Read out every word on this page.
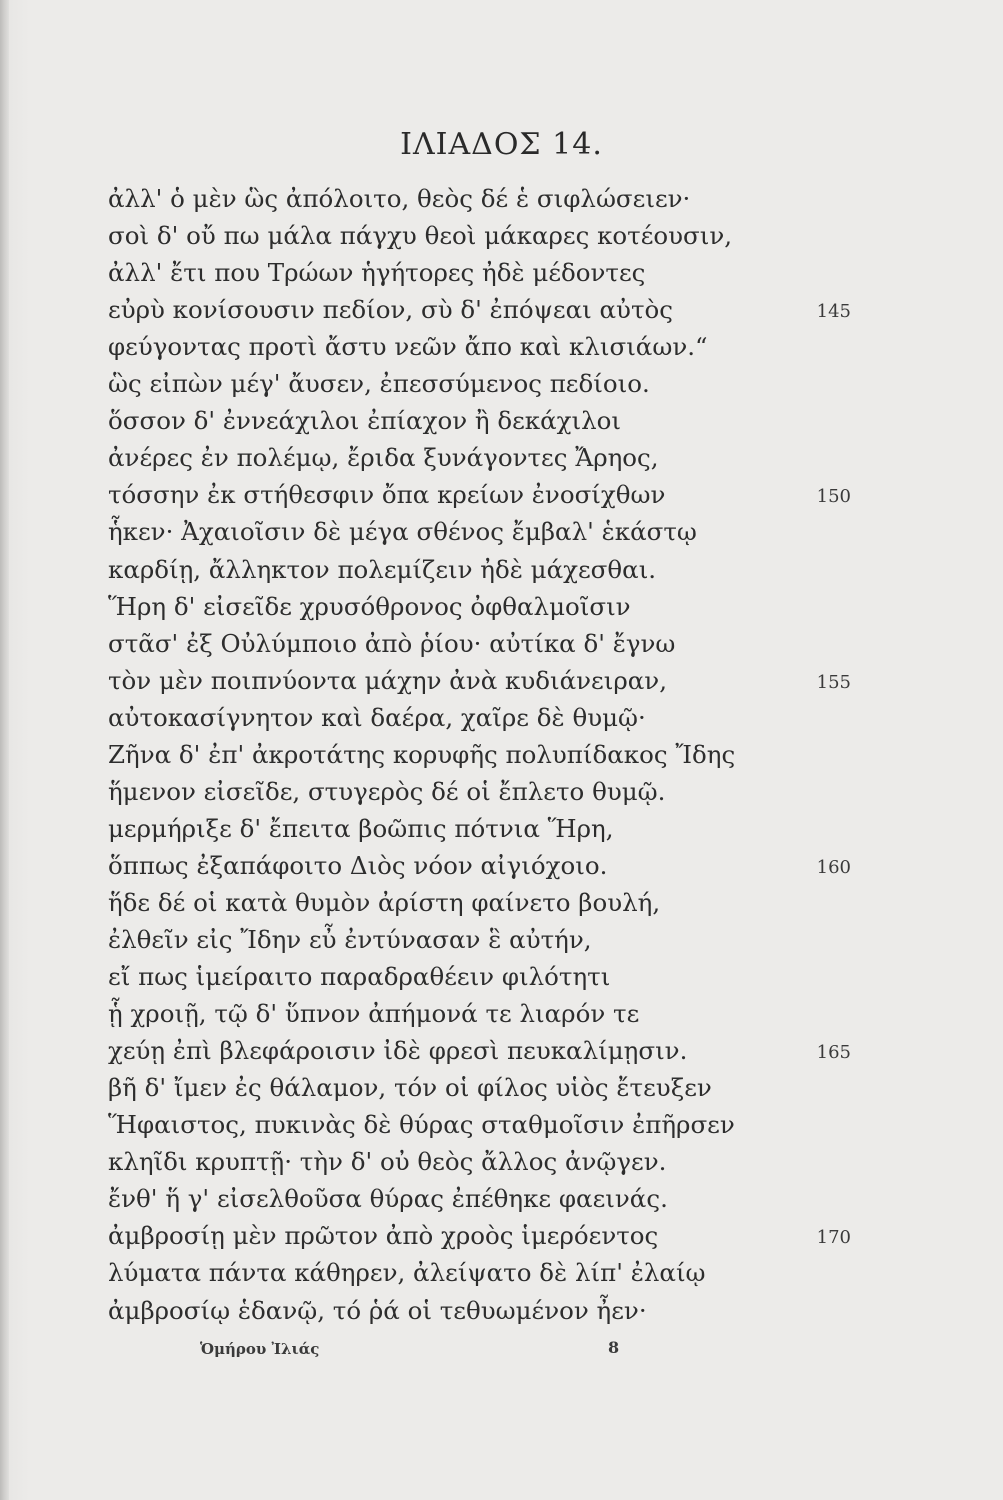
ΙΛΙΑΔΟΣ 14.
ἀλλ' ὁ μὲν ὣς ἀπόλοιτο, θεὸς δέ ἑ σιφλώσειεν·
σοὶ δ' οὔ πω μάλα πάγχυ θεοὶ μάκαρες κοτέουσιν,
ἀλλ' ἔτι που Τρώων ἡγήτορες ἠδὲ μέδοντες
εὐρὺ κονίσουσιν πεδίον, σὺ δ' ἐπόψεαι αὐτὸς	145
φεύγοντας προτὶ ἄστυ νεῶν ἄπο καὶ κλισιάων.“
ὣς εἰπὼν μέγ' ἄυσεν, ἐπεσσύμενος πεδίοιο.
ὅσσον δ' ἐννεάχιλοι ἐπίαχον ἢ δεκάχιλοι
ἀνέρες ἐν πολέμῳ, ἔριδα ξυνάγοντες Ἄρηος,
τόσσην ἐκ στήθεσφιν ὄπα κρείων ἐνοσίχθων	150
ἧκεν· Ἀχαιοῖσιν δὲ μέγα σθένος ἔμβαλ' ἑκάστῳ
καρδίῃ, ἄλληκτον πολεμίζειν ἠδὲ μάχεσθαι.
Ἥρη δ' εἰσεῖδε χρυσόθρονος ὀφθαλμοῖσιν
στᾶσ' ἐξ Οὐλύμποιο ἀπὸ ῥίου· αὐτίκα δ' ἔγνω
τὸν μὲν ποιπνύοντα μάχην ἀνὰ κυδιάνειραν,	155
αὐτοκασίγνητον καὶ δαέρα, χαῖρε δὲ θυμῷ·
Ζῆνα δ' ἐπ' ἀκροτάτης κορυφῆς πολυπίδακος Ἴδης
ἥμενον εἰσεῖδε, στυγερὸς δέ οἱ ἔπλετο θυμῷ.
μερμήριξε δ' ἔπειτα βοῶπις πότνια Ἥρη,
ὅππως ἐξαπάφοιτο Διὸς νόον αἰγιόχοιο.	160
ἥδε δέ οἱ κατὰ θυμὸν ἀρίστη φαίνετο βουλή,
ἐλθεῖν εἰς Ἴδην εὖ ἐντύνασαν ἓ αὐτήν,
εἴ πως ἱμείραιτο παραδραθέειν φιλότητι
ᾗ χροιῇ, τῷ δ' ὕπνον ἀπήμονά τε λιαρόν τε
χεύῃ ἐπὶ βλεφάροισιν ἰδὲ φρεσὶ πευκαλίμῃσιν.	165
βῆ δ' ἴμεν ἐς θάλαμον, τόν οἱ φίλος υἱὸς ἔτευξεν
Ἥφαιστος, πυκινὰς δὲ θύρας σταθμοῖσιν ἐπῆρσεν
κληῖδι κρυπτῇ· τὴν δ' οὐ θεὸς ἄλλος ἀνῷγεν.
ἔνθ' ἥ γ' εἰσελθοῦσα θύρας ἐπέθηκε φαεινάς.
ἀμβροσίῃ μὲν πρῶτον ἀπὸ χροὸς ἱμερόεντος	170
λύματα πάντα κάθηρεν, ἀλείψατο δὲ λίπ' ἐλαίῳ
ἀμβροσίῳ ἑδανῷ, τό ῥά οἱ τεθυωμένον ἦεν·
Ὁμήρου Ἰλιάς	8
